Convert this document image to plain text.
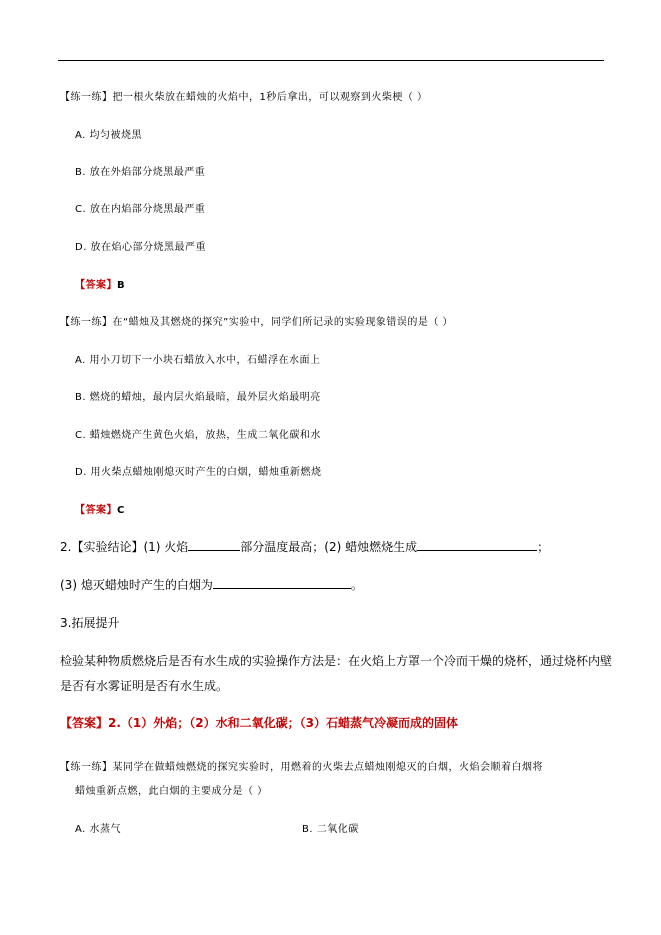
【练一练】把一根火柴放在蜡烛的火焰中，1秒后拿出，可以观察到火柴梗（ ）
A. 均匀被烧黑
B. 放在外焰部分烧黑最严重
C. 放在内焰部分烧黑最严重
D. 放在焰心部分烧黑最严重
【答案】B
【练一练】在“蜡烛及其燃烧的探究”实验中，同学们所记录的实验现象错误的是（ ）
A. 用小刀切下一小块石蜡放入水中，石蜡浮在水面上
B. 燃烧的蜡烛，最内层火焰最暗，最外层火焰最明亮
C. 蜡烛燃烧产生黄色火焰，放热，生成二氧化碳和水
D. 用火柴点蜡烛刚熄灭时产生的白烟，蜡烛重新燃烧
【答案】C
2.【实验结论】(1) 火焰	部分温度最高；(2) 蜡烛燃烧生成	；
(3) 熄灭蜡烛时产生的白烟为	。
3.拓展提升
检验某种物质燃烧后是否有水生成的实验操作方法是：在火焰上方罩一个冷而干燥的烧杯，通过烧杯内壁
是否有水雾证明是否有水生成。
【答案】2.（1）外焰；（2）水和二氧化碳；（3）石蜡蒸气冷凝而成的固体
【练一练】某同学在做蜡烛燃烧的探究实验时，用燃着的火柴去点蜡烛刚熄灭的白烟，火焰会顺着白烟将
蜡烛重新点燃，此白烟的主要成分是（ ）
A. 水蒸气	B. 二氧化碳
